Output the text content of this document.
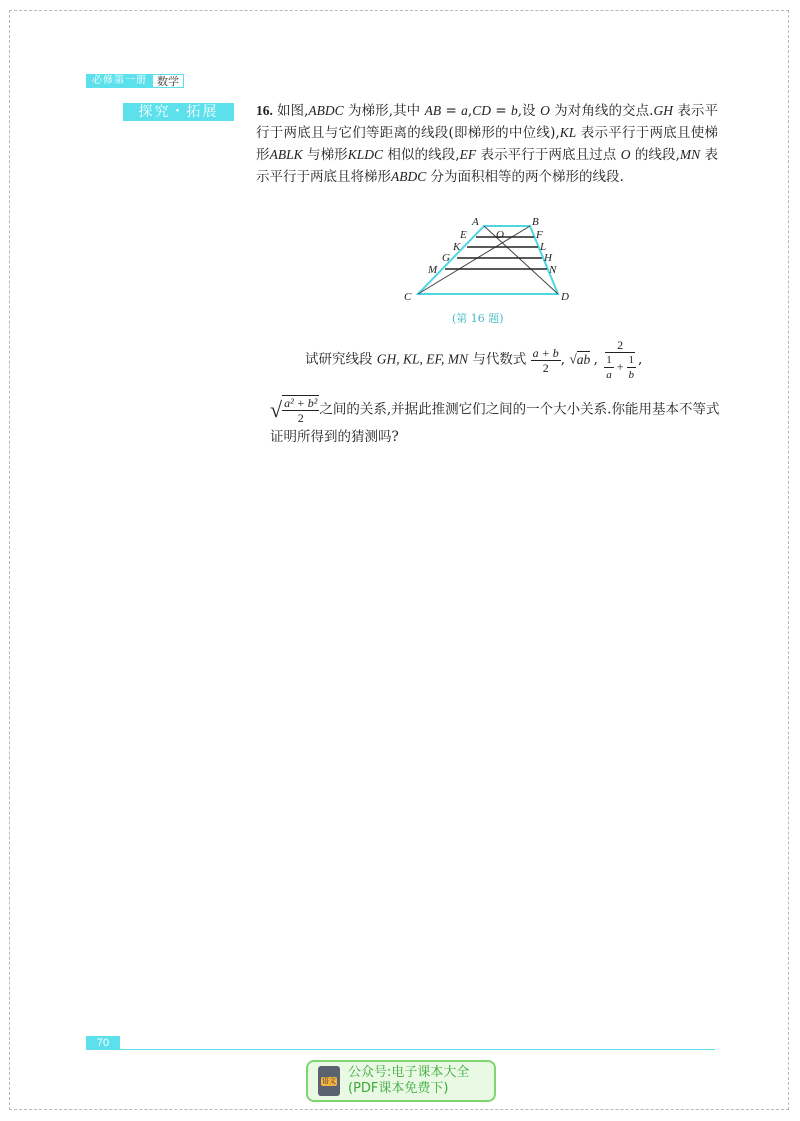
必修第一册 数学
探究・拓展	16. 如图,ABDC 为梯形,其中 AB = a,CD = b,设 O 为对角线的交点.GH 表示平行于两底且与它们等距离的线段(即梯形的中位线),KL 表示平行于两底且使梯形ABLK 与梯形KLDC 相似的线段,EF 表示平行于两底且过点 O 的线段,MN 表示平行于两底且将梯形ABDC 分为面积相等的两个梯形的线段.
A	B
O
E	F
K	L
G	H
M	N
C	D
(第 16 题)
试研究线段 GH, KL, EF, MN 与代数式 $\frac{a + b}{2}$ , √ab , $\frac{2}{\frac{1}{a} + \frac{1}{b}}$ ,
√ $\frac{\text{a² + b²}}{2}$ 之间的关系,并据此推测它们之间的一个大小关系.你能用基本不等式证明所得到的猜测吗?
70
语文
公众号:电子课本大全
(PDF课本免费下)
